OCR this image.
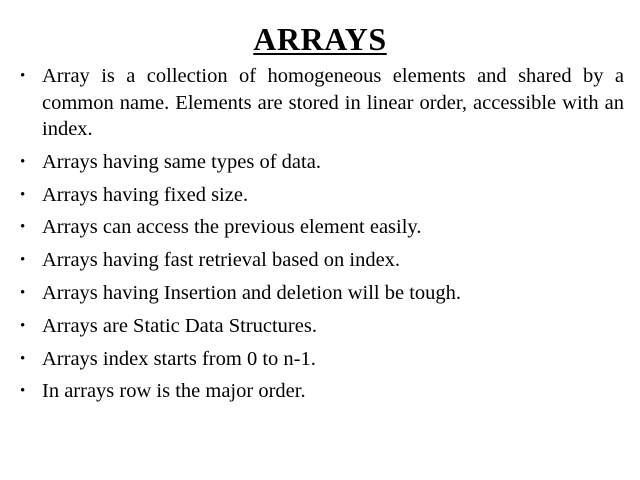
ARRAYS
• Array is a collection of homogeneous elements and shared by a common name. Elements are stored in linear order, accessible with an index.
• Arrays having same types of data.
• Arrays having fixed size.
• Arrays can access the previous element easily.
• Arrays having fast retrieval based on index.
• Arrays having Insertion and deletion will be tough.
• Arrays are Static Data Structures.
• Arrays index starts from 0 to n-1.
• In arrays row is the major order.
